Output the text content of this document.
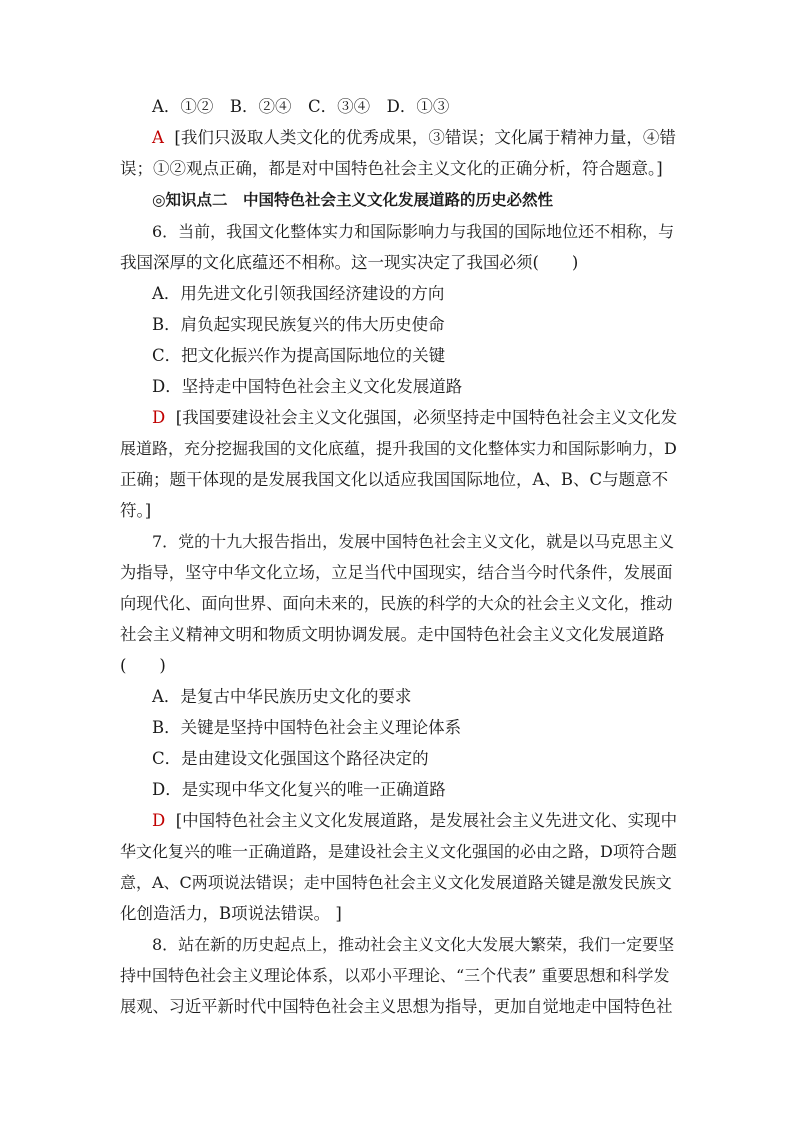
A．①②　B．②④　C．③④　D．①③
A [我们只汲取人类文化的优秀成果，③错误；文化属于精神力量，④错
误；①②观点正确，都是对中国特色社会主义文化的正确分析，符合题意。]
◎知识点二　中国特色社会主义文化发展道路的历史必然性
6．当前，我国文化整体实力和国际影响力与我国的国际地位还不相称，与
我国深厚的文化底蕴还不相称。这一现实决定了我国必须(　　)
A．用先进文化引领我国经济建设的方向
B．肩负起实现民族复兴的伟大历史使命
C．把文化振兴作为提高国际地位的关键
D．坚持走中国特色社会主义文化发展道路
D [我国要建设社会主义文化强国，必须坚持走中国特色社会主义文化发
展道路，充分挖掘我国的文化底蕴，提升我国的文化整体实力和国际影响力，D
正确；题干体现的是发展我国文化以适应我国国际地位，A、B、C与题意不
符。]
7．党的十九大报告指出，发展中国特色社会主义文化，就是以马克思主义
为指导，坚守中华文化立场，立足当代中国现实，结合当今时代条件，发展面
向现代化、面向世界、面向未来的，民族的科学的大众的社会主义文化，推动
社会主义精神文明和物质文明协调发展。走中国特色社会主义文化发展道路
(　　)
A．是复古中华民族历史文化的要求
B．关键是坚持中国特色社会主义理论体系
C．是由建设文化强国这个路径决定的
D．是实现中华文化复兴的唯一正确道路
D [中国特色社会主义文化发展道路，是发展社会主义先进文化、实现中
华文化复兴的唯一正确道路，是建设社会主义文化强国的必由之路，D项符合题
意，A、C两项说法错误；走中国特色社会主义文化发展道路关键是激发民族文
化创造活力，B项说法错误。 ]
8．站在新的历史起点上，推动社会主义文化大发展大繁荣，我们一定要坚
持中国特色社会主义理论体系，以邓小平理论、“三个代表” 重要思想和科学发
展观、习近平新时代中国特色社会主义思想为指导，更加自觉地走中国特色社
